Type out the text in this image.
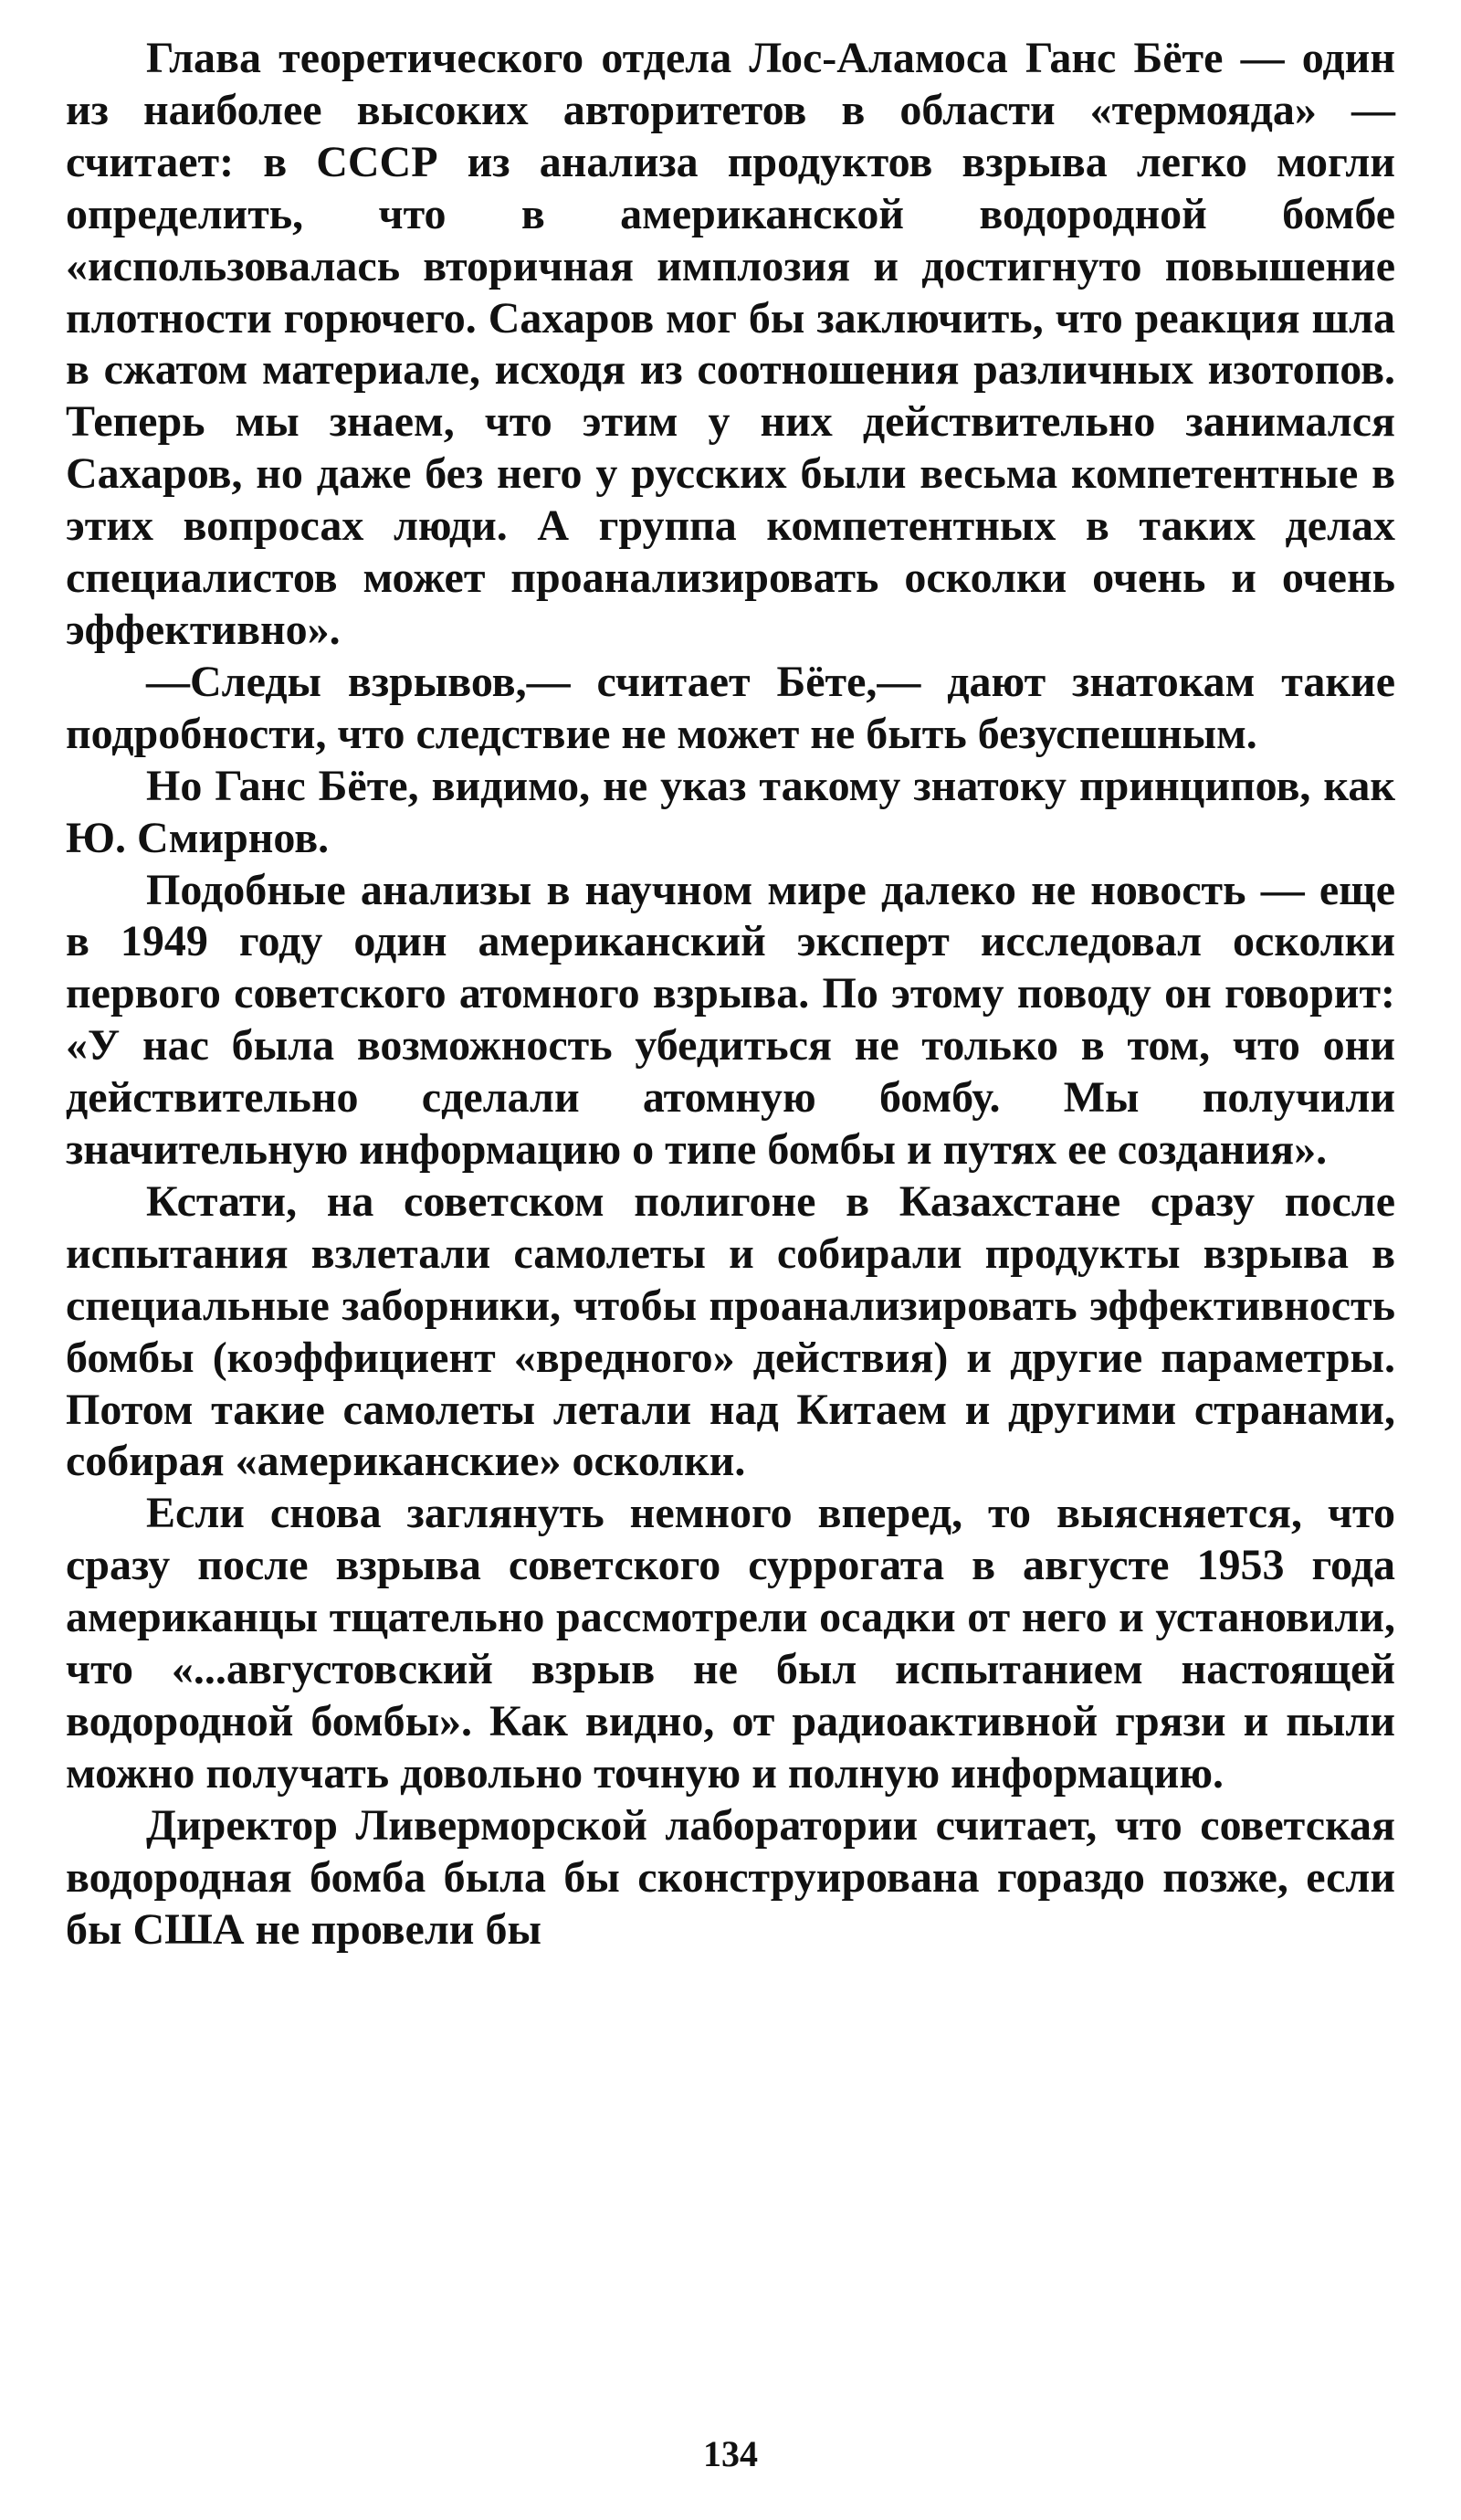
Глава теоретического отдела Лос-Аламоса Ганс Бёте — один из наиболее высоких авторитетов в области «термояда» — считает: в СССР из анализа продуктов взрыва легко могли определить, что в американской водородной бомбе «использовалась вторичная имплозия и достигнуто повышение плотности горючего. Сахаров мог бы заключить, что реакция шла в сжатом материале, исходя из соотношения различных изотопов. Теперь мы знаем, что этим у них действительно занимался Сахаров, но даже без него у русских были весьма компетентные в этих вопросах люди. А группа компетентных в таких делах специалистов может проанализировать осколки очень и очень эффективно».

—Следы взрывов,— считает Бёте,— дают знатокам такие подробности, что следствие не может не быть безуспешным.

Но Ганс Бёте, видимо, не указ такому знатоку принципов, как Ю. Смирнов.

Подобные анализы в научном мире далеко не новость — еще в 1949 году один американский эксперт исследовал осколки первого советского атомного взрыва. По этому поводу он говорит: «У нас была возможность убедиться не только в том, что они действительно сделали атомную бомбу. Мы получили значительную информацию о типе бомбы и путях ее создания».

Кстати, на советском полигоне в Казахстане сразу после испытания взлетали самолеты и собирали продукты взрыва в специальные заборники, чтобы проанализировать эффективность бомбы (коэффициент «вредного» действия) и другие параметры. Потом такие самолеты летали над Китаем и другими странами, собирая «американские» осколки.

Если снова заглянуть немного вперед, то выясняется, что сразу после взрыва советского суррогата в августе 1953 года американцы тщательно рассмотрели осадки от него и установили, что «...августовский взрыв не был испытанием настоящей водородной бомбы». Как видно, от радиоактивной грязи и пыли можно получать довольно точную и полную информацию.

Директор Ливерморской лаборатории считает, что советская водородная бомба была бы сконструирована гораздо позже, если бы США не провели бы

134
